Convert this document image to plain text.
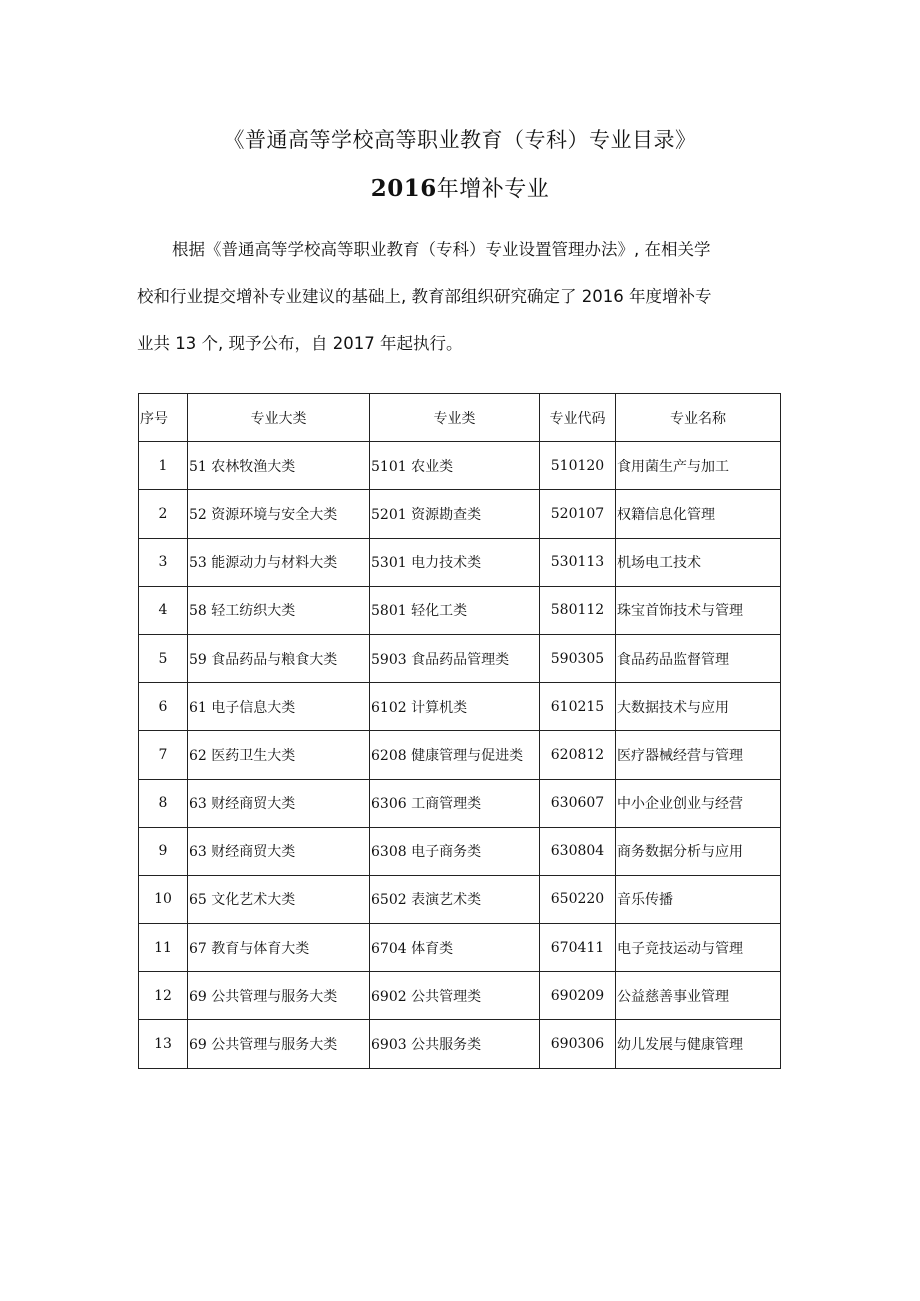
《普通高等学校高等职业教育（专科）专业目录》
2016年增补专业
根据《普通高等学校高等职业教育（专科）专业设置管理办法》, 在相关学
校和行业提交增补专业建议的基础上, 教育部组织研究确定了 2016 年度增补专
业共 13 个, 现予公布，自 2017 年起执行。
序号	专业大类	专业类	专业代码	专业名称
1	51 农林牧渔大类	5101 农业类	510120	食用菌生产与加工
2	52 资源环境与安全大类	5201 资源勘查类	520107	权籍信息化管理
3	53 能源动力与材料大类	5301 电力技术类	530113	机场电工技术
4	58 轻工纺织大类	5801 轻化工类	580112	珠宝首饰技术与管理
5	59 食品药品与粮食大类	5903 食品药品管理类	590305	食品药品监督管理
6	61 电子信息大类	6102 计算机类	610215	大数据技术与应用
7	62 医药卫生大类	6208 健康管理与促进类	620812	医疗器械经营与管理
8	63 财经商贸大类	6306 工商管理类	630607	中小企业创业与经营
9	63 财经商贸大类	6308 电子商务类	630804	商务数据分析与应用
10	65 文化艺术大类	6502 表演艺术类	650220	音乐传播
11	67 教育与体育大类	6704 体育类	670411	电子竞技运动与管理
12	69 公共管理与服务大类	6902 公共管理类	690209	公益慈善事业管理
13	69 公共管理与服务大类	6903 公共服务类	690306	幼儿发展与健康管理
